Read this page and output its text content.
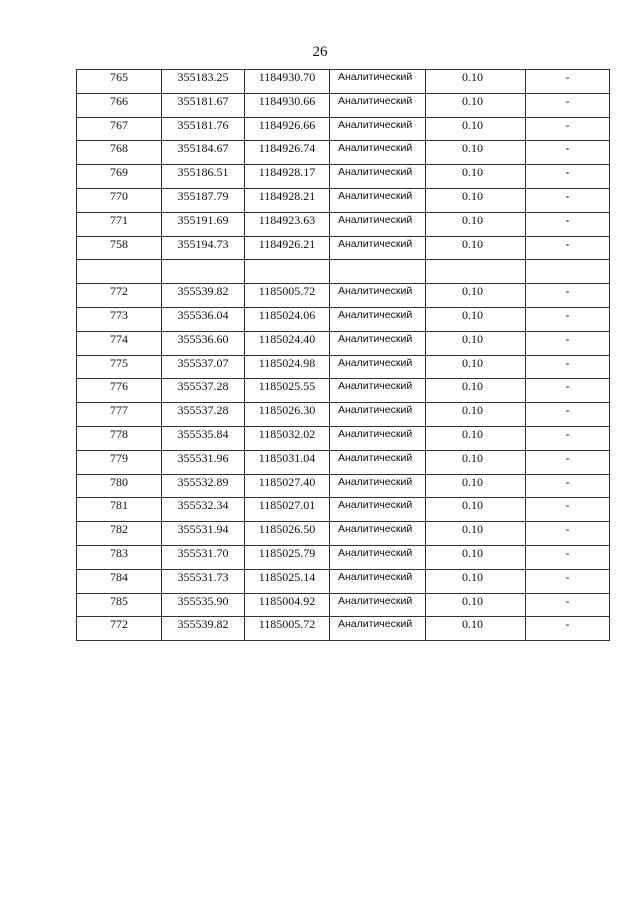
26
765	355183.25	1184930.70	Аналитический	0.10	-
766	355181.67	1184930.66	Аналитический	0.10	-
767	355181.76	1184926.66	Аналитический	0.10	-
768	355184.67	1184926.74	Аналитический	0.10	-
769	355186.51	1184928.17	Аналитический	0.10	-
770	355187.79	1184928.21	Аналитический	0.10	-
771	355191.69	1184923.63	Аналитический	0.10	-
758	355194.73	1184926.21	Аналитический	0.10	-

772	355539.82	1185005.72	Аналитический	0.10	-
773	355536.04	1185024.06	Аналитический	0.10	-
774	355536.60	1185024.40	Аналитический	0.10	-
775	355537.07	1185024.98	Аналитический	0.10	-
776	355537.28	1185025.55	Аналитический	0.10	-
777	355537.28	1185026.30	Аналитический	0.10	-
778	355535.84	1185032.02	Аналитический	0.10	-
779	355531.96	1185031.04	Аналитический	0.10	-
780	355532.89	1185027.40	Аналитический	0.10	-
781	355532.34	1185027.01	Аналитический	0.10	-
782	355531.94	1185026.50	Аналитический	0.10	-
783	355531.70	1185025.79	Аналитический	0.10	-
784	355531.73	1185025.14	Аналитический	0.10	-
785	355535.90	1185004.92	Аналитический	0.10	-
772	355539.82	1185005.72	Аналитический	0.10	-
